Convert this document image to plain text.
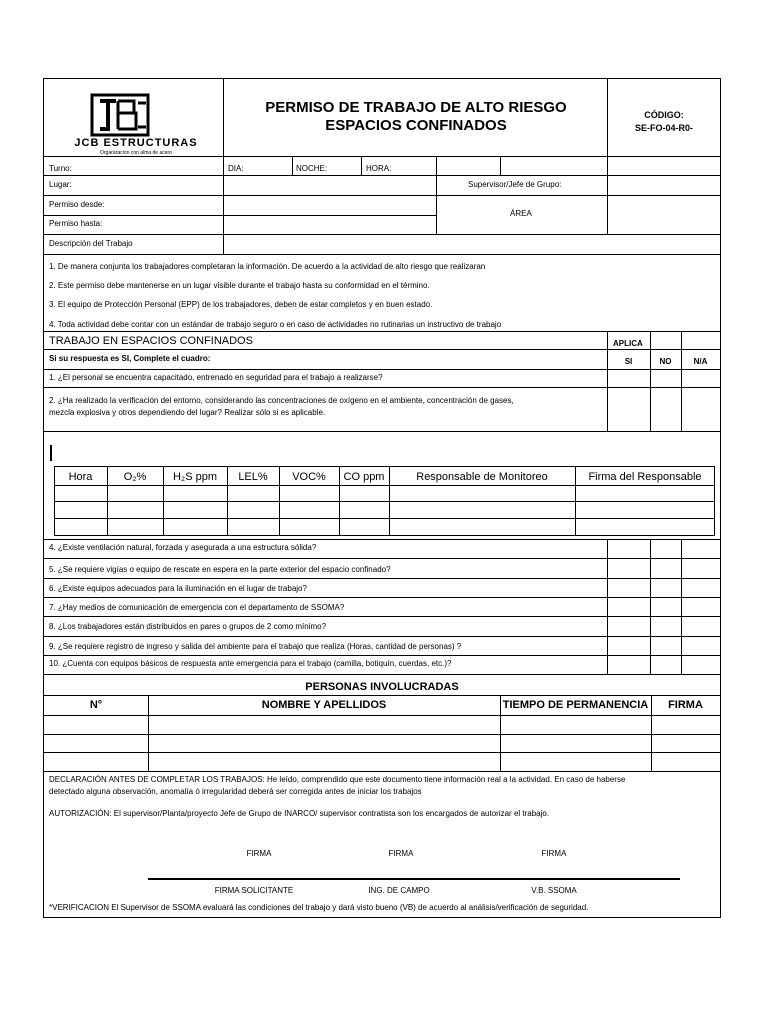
JCB ESTRUCTURAS
Organizacion con alma de acero
PERMISO DE TRABAJO DE ALTO RIESGO
ESPACIOS CONFINADOS
CÓDIGO:
SE-FO-04-R0-
Turno:	DIA:	NOCHE:	HORA:
Lugar:	Supervisor/Jefe de Grupo:
Permiso desde:
ÁREA
Permiso hasta:
Descripción del Trabajo
1. De manera conjunta los trabajadores completaran la información. De acuerdo a la actividad de alto riesgo que realizaran
2. Este permiso debe mantenerse en un lugar visible durante el trabajo hasta su conformidad en el término.
3. El equipo de Protección Personal (EPP) de los trabajadores, deben de estar completos y en buen estado.
4. Toda actividad debe contar con un estándar de trabajo seguro o en caso de actividades no rutinarias un instructivo de trabajo
TRABAJO EN ESPACIOS CONFINADOS	APLICA
Si su respuesta es SI, Complete el cuadro:	SI	NO	N/A
1. ¿El personal se encuentra capacitado, entrenado en seguridad para el trabajo a realizarse?
2. ¿Ha realizado la verificación del entorno, considerando las concentraciones de oxígeno en el ambiente, concentración de gases,
mezcla explosiva y otros dependiendo del lugar? Realizar sólo si es aplicable.
Hora	O₂%	H₂S ppm	LEL%	VOC%	CO ppm	Responsable de Monitoreo	Firma del Responsable
4. ¿Existe ventilación natural, forzada y asegurada a una estructura sólida?
5. ¿Se requiere vigías o equipo de rescate en espera en la parte exterior del espacio confinado?
6. ¿Existe equipos adecuados para la iluminación en el lugar de trabajo?
7. ¿Hay medios de comunicación de emergencia con el departamento de SSOMA?
8. ¿Los trabajadores están distribuidos en pares o grupos de 2 como mínimo?
9. ¿Se requiere registro de ingreso y salida del ambiente para el trabajo que realiza (Horas, cantidad de personas) ?
10. ¿Cuenta con equipos básicos de respuesta ante emergencia para el trabajo (camilla, botiquín, cuerdas, etc.)?
PERSONAS INVOLUCRADAS
N°	NOMBRE Y APELLIDOS	TIEMPO DE PERMANENCIA	FIRMA
DECLARACIÓN ANTES DE COMPLETAR LOS TRABAJOS: He leído, comprendido que este documento tiene información real a la actividad. En caso de haberse
detectado alguna observación, anomalía ó irregularidad deberá ser corregida antes de iniciar los trabajos
AUTORIZACIÓN: El supervisor/Planta/proyecto Jefe de Grupo de INARCO/ supervisor contratista son los encargados de autorizar el trabajo.
FIRMA	FIRMA	FIRMA
FIRMA SOLICITANTE	ING. DE CAMPO	V.B. SSOMA
*VERIFICACION El Supervisor de SSOMA evaluará las condiciones del trabajo y dará visto bueno (VB) de acuerdo al análisis/verificación de seguridad.
